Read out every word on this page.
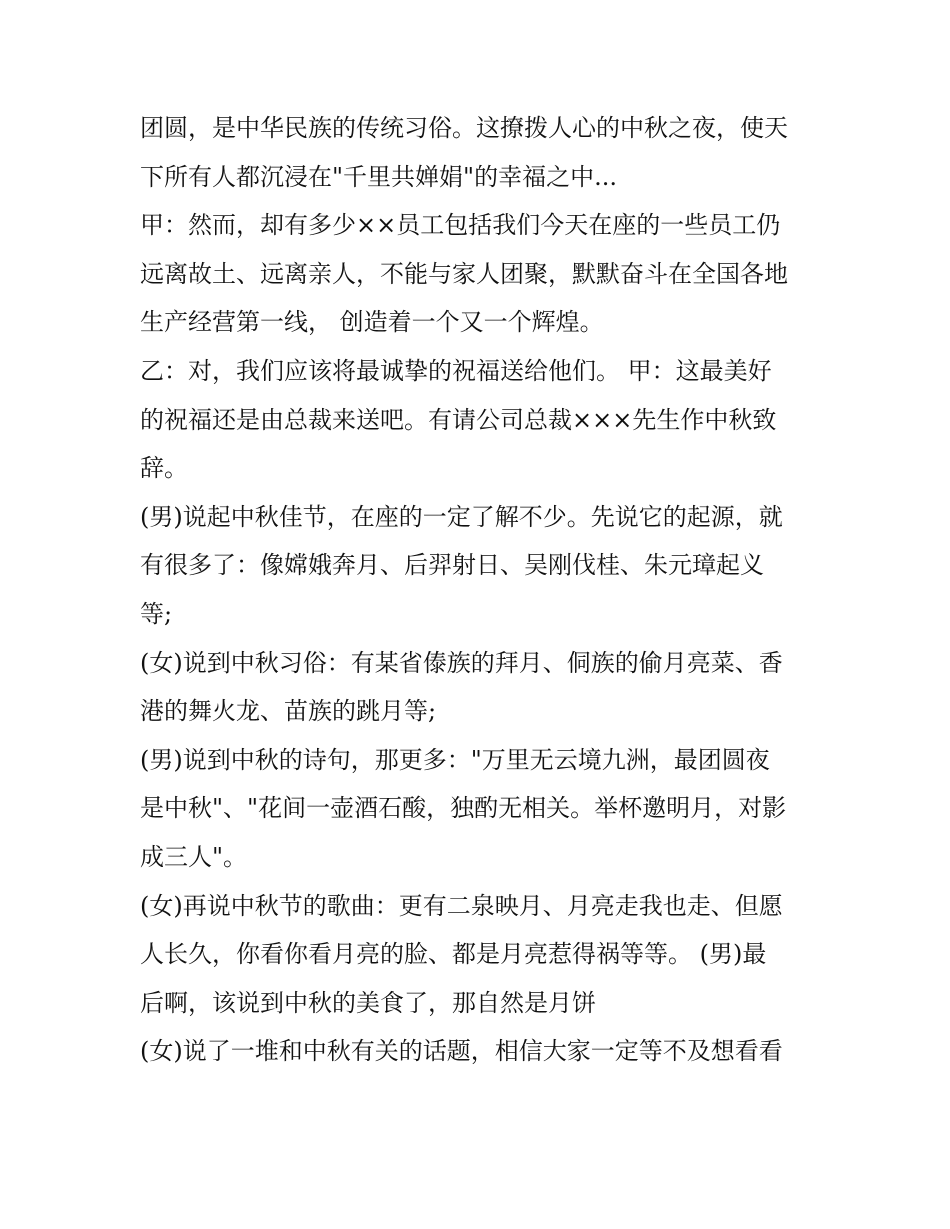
团圆，是中华民族的传统习俗。这撩拨人心的中秋之夜，使天
下所有人都沉浸在"千里共婵娟"的幸福之中...
甲：然而，却有多少××员工包括我们今天在座的一些员工仍
远离故土、远离亲人，不能与家人团聚，默默奋斗在全国各地
生产经营第一线， 创造着一个又一个辉煌。
乙：对，我们应该将最诚挚的祝福送给他们。 甲：这最美好
的祝福还是由总裁来送吧。有请公司总裁×××先生作中秋致
辞。
(男)说起中秋佳节，在座的一定了解不少。先说它的起源，就
有很多了：像嫦娥奔月、后羿射日、吴刚伐桂、朱元璋起义
等;
(女)说到中秋习俗：有某省傣族的拜月、侗族的偷月亮菜、香
港的舞火龙、苗族的跳月等;
(男)说到中秋的诗句，那更多："万里无云境九洲，最团圆夜
是中秋"、"花间一壶酒石酸，独酌无相关。举杯邀明月，对影
成三人"。
(女)再说中秋节的歌曲：更有二泉映月、月亮走我也走、但愿
人长久，你看你看月亮的脸、都是月亮惹得祸等等。 (男)最
后啊，该说到中秋的美食了，那自然是月饼
(女)说了一堆和中秋有关的话题，相信大家一定等不及想看看
